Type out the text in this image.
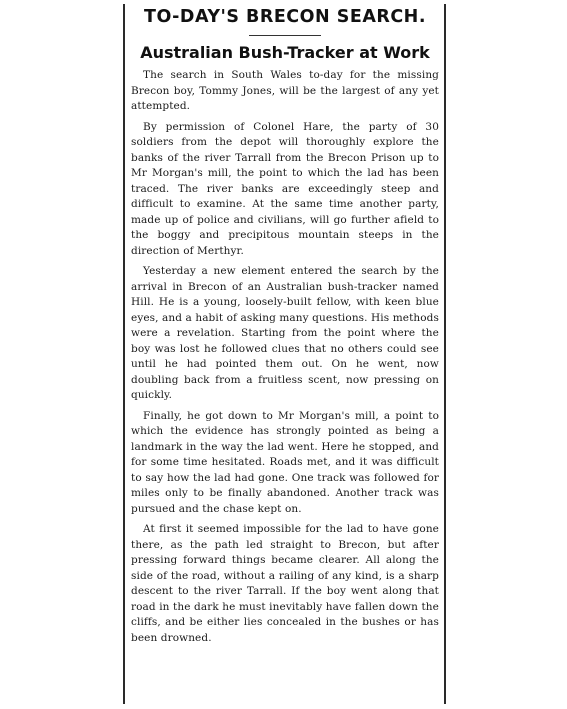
TO-DAY'S BRECON SEARCH.
Australian Bush-Tracker at Work

The search in South Wales to-day for the missing Brecon boy, Tommy Jones, will be the largest of any yet attempted.

By permission of Colonel Hare, the party of 30 soldiers from the depot will thoroughly explore the banks of the river Tarrall from the Brecon Prison up to Mr Morgan's mill, the point to which the lad has been traced. The river banks are exceedingly steep and difficult to examine. At the same time another party, made up of police and civilians, will go further afield to the boggy and precipitous mountain steeps in the direction of Merthyr.

Yesterday a new element entered the search by the arrival in Brecon of an Australian bush-tracker named Hill. He is a young, loosely-built fellow, with keen blue eyes, and a habit of asking many questions. His methods were a revelation. Starting from the point where the boy was lost he followed clues that no others could see until he had pointed them out. On he went, now doubling back from a fruitless scent, now pressing on quickly.

Finally, he got down to Mr Morgan's mill, a point to which the evidence has strongly pointed as being a landmark in the way the lad went. Here he stopped, and for some time hesitated. Roads met, and it was difficult to say how the lad had gone. One track was followed for miles only to be finally abandoned. Another track was pursued and the chase kept on.

At first it seemed impossible for the lad to have gone there, as the path led straight to Brecon, but after pressing forward things became clearer. All along the side of the road, without a railing of any kind, is a sharp descent to the river Tarrall. If the boy went along that road in the dark he must inevitably have fallen down the cliffs, and be either lies concealed in the bushes or has been drowned.
